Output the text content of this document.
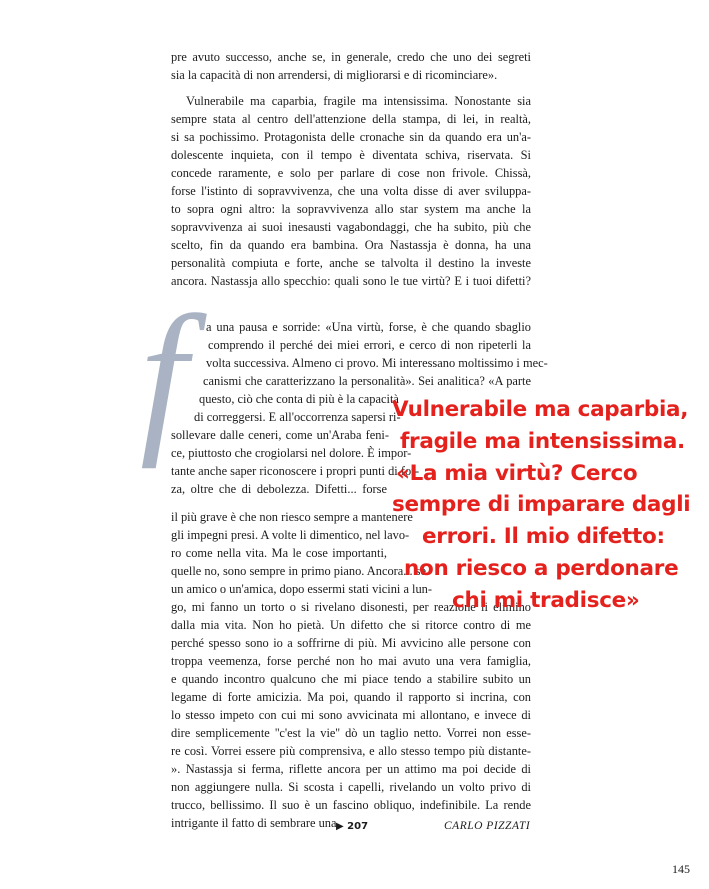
f
pre avuto successo, anche se, in generale, credo che uno dei segreti
sia la capacità di non arrendersi, di migliorarsi e di ricominciare».
Vulnerabile ma caparbia, fragile ma intensissima. Nonostante sia
sempre stata al centro dell'attenzione della stampa, di lei, in realtà,
si sa pochissimo. Protagonista delle cronache sin da quando era un'a-
dolescente inquieta, con il tempo è diventata schiva, riservata. Si
concede raramente, e solo per parlare di cose non frivole. Chissà,
forse l'istinto di sopravvivenza, che una volta disse di aver sviluppa-
to sopra ogni altro: la sopravvivenza allo star system ma anche la
sopravvivenza ai suoi inesausti vagabondaggi, che ha subito, più che
scelto, fin da quando era bambina. Ora Nastassja è donna, ha una
personalità compiuta e forte, anche se talvolta il destino la investe
ancora. Nastassja allo specchio: quali sono le tue virtù? E i tuoi difetti?
a una pausa e sorride: «Una virtù, forse, è che quando sbaglio
comprendo il perché dei miei errori, e cerco di non ripeterli la
volta successiva. Almeno ci provo. Mi interessano moltissimo i mec-
canismi che caratterizzano la personalità». Sei analitica? «A parte
questo, ciò che conta di più è la capacità
di correggersi. E all'occorrenza sapersi ri-
sollevare dalle ceneri, come un'Araba feni-
ce, piuttosto che crogiolarsi nel dolore. È impor-
tante anche saper riconoscere i propri punti di for-
za, oltre che di debolezza. Difetti... forse
il più grave è che non riesco sempre a mantenere
gli impegni presi. A volte li dimentico, nel lavo-
ro come nella vita. Ma le cose importanti,
quelle no, sono sempre in primo piano. Ancora... se
un amico o un'amica, dopo essermi stati vicini a lun-
go, mi fanno un torto o si rivelano disonesti, per reazione li elimino
dalla mia vita. Non ho pietà. Un difetto che si ritorce contro di me
perché spesso sono io a soffrirne di più. Mi avvicino alle persone con
troppa veemenza, forse perché non ho mai avuto una vera famiglia,
e quando incontro qualcuno che mi piace tendo a stabilire subito un
legame di forte amicizia. Ma poi, quando il rapporto si incrina, con
lo stesso impeto con cui mi sono avvicinata mi allontano, e invece di
dire semplicemente ''c'est la vie'' dò un taglio netto. Vorrei non esse-
re così. Vorrei essere più comprensiva, e allo stesso tempo più distante-
». Nastassja si ferma, riflette ancora per un attimo ma poi decide di
non aggiungere nulla. Si scosta i capelli, rivelando un volto privo di
trucco, bellissimo. Il suo è un fascino obliquo, indefinibile. La rende
intrigante il fatto di sembrare una
Vulnerabile ma caparbia,
fragile ma intensissima.
«La mia virtù? Cerco
sempre di imparare dagli
errori. Il mio difetto:
non riesco a perdonare
chi mi tradisce»
▶ 207	CARLO PIZZATI
145
